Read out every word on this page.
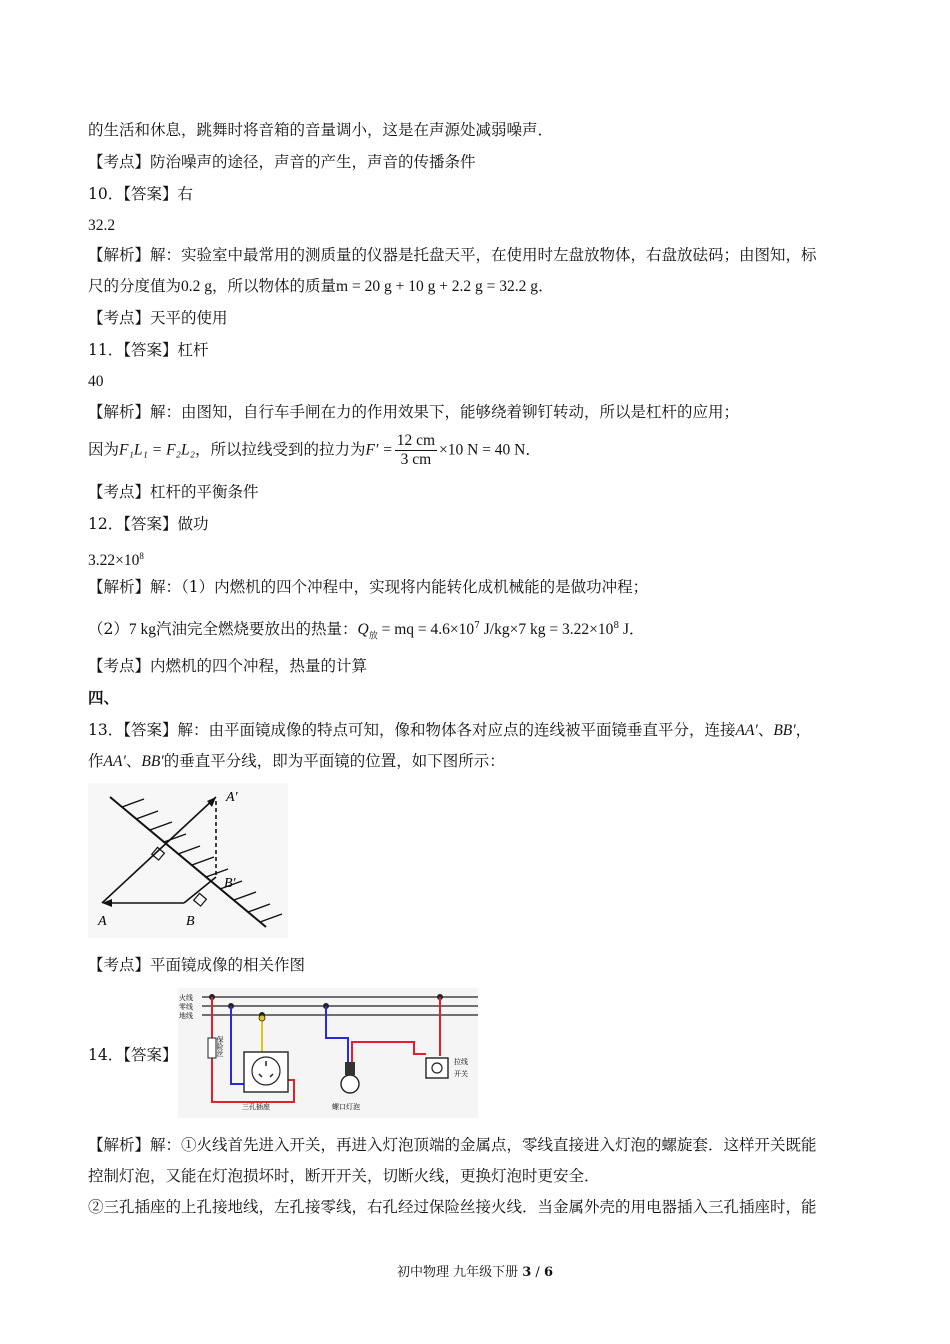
的生活和休息，跳舞时将音箱的音量调小，这是在声源处减弱噪声．
【考点】防治噪声的途径，声音的产生，声音的传播条件
10．【答案】右
32.2
【解析】解：实验室中最常用的测质量的仪器是托盘天平，在使用时左盘放物体，右盘放砝码；由图知，标
尺的分度值为0.2 g，所以物体的质量m = 20 g + 10 g + 2.2 g = 32.2 g．
【考点】天平的使用
11．【答案】杠杆
40
【解析】解：由图知，自行车手闸在力的作用效果下，能够绕着铆钉转动，所以是杠杆的应用；
因为F₁L₁ = F₂L₂，所以拉线受到的拉力为$F' = \frac{12 cm}{3 cm} \times 10$ N = 40 N．
【考点】杠杆的平衡条件
12．【答案】做功
$3.22\times 10^8$
【解析】解：（1）内燃机的四个冲程中，实现将内能转化成机械能的是做功冲程；
（2）7 kg汽油完全燃烧要放出的热量：$Q_放$ = mq = $4.6\times 10^7$ J/kg×7 kg = $3.22\times 10^8$ J．
【考点】内燃机的四个冲程，热量的计算
四、
13．【答案】解：由平面镜成像的特点可知，像和物体各对应点的连线被平面镜垂直平分，连接AA′、BB′，
作AA′、BB′的垂直平分线，即为平面镜的位置，如下图所示：
A′
B′
A	B
【考点】平面镜成像的相关作图
14．【答案】
火线
零线
地线
保险丝
三孔插座	螺口灯泡
拉线
开关
【解析】解：①火线首先进入开关，再进入灯泡顶端的金属点，零线直接进入灯泡的螺旋套．这样开关既能
控制灯泡，又能在灯泡损坏时，断开开关，切断火线，更换灯泡时更安全．
②三孔插座的上孔接地线，左孔接零线，右孔经过保险丝接火线．当金属外壳的用电器插入三孔插座时，能
初中物理 九年级下册 3 / 6
